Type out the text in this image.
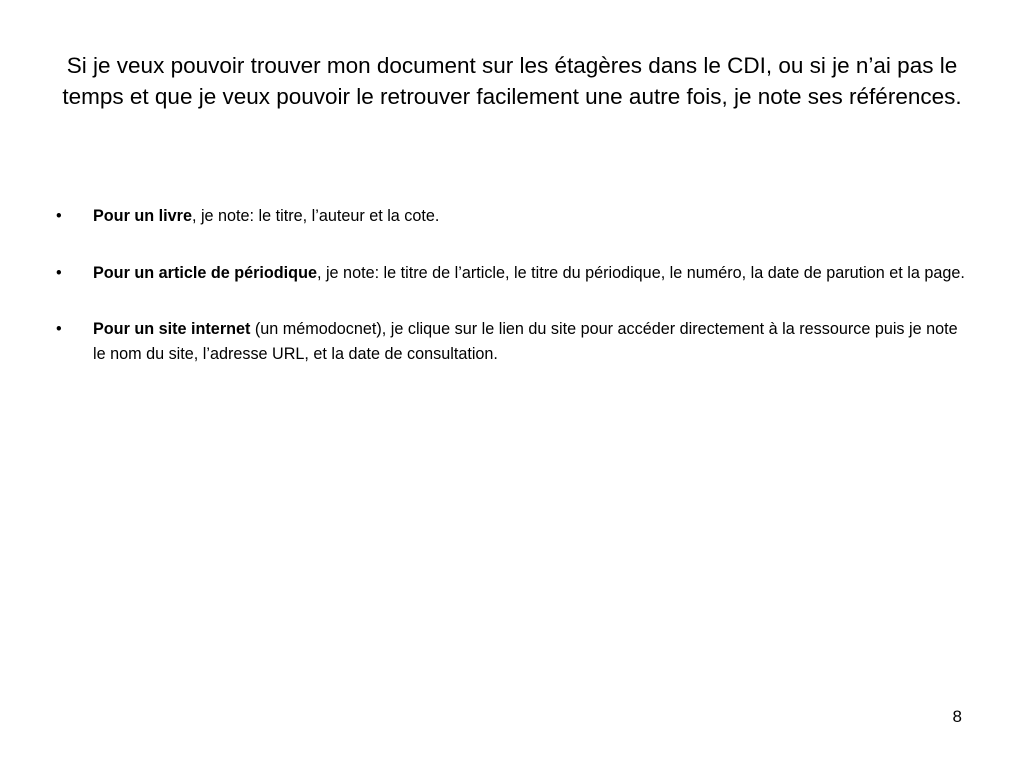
Si je veux pouvoir trouver mon document sur les étagères dans le CDI, ou si je n’ai pas le temps et que je veux pouvoir le retrouver facilement une autre fois, je note ses références.
• Pour un livre, je note: le titre, l’auteur et la cote.
• Pour un article de périodique, je note: le titre de l’article, le titre du périodique, le numéro, la date de parution et la page.
• Pour un site internet (un mémodocnet), je clique sur le lien du site pour accéder directement à la ressource puis je note le nom du site, l’adresse URL, et la date de consultation.
8
